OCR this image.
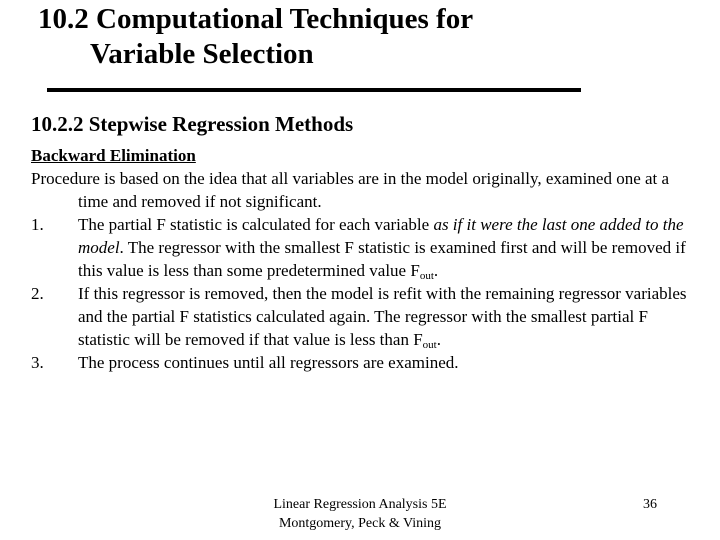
10.2 Computational Techniques for
Variable Selection
10.2.2 Stepwise Regression Methods
Backward Elimination
Procedure is based on the idea that all variables are in the model originally, examined one at a time and removed if not significant.
1.	The partial F statistic is calculated for each variable as if it were the last one added to the model. The regressor with the smallest F statistic is examined first and will be removed if this value is less than some predetermined value $F_{out}$.
2.	If this regressor is removed, then the model is refit with the remaining regressor variables and the partial F statistics calculated again. The regressor with the smallest partial F statistic will be removed if that value is less than $F_{out}$.
3.	The process continues until all regressors are examined.
Linear Regression Analysis 5E
Montgomery, Peck & Vining
36
